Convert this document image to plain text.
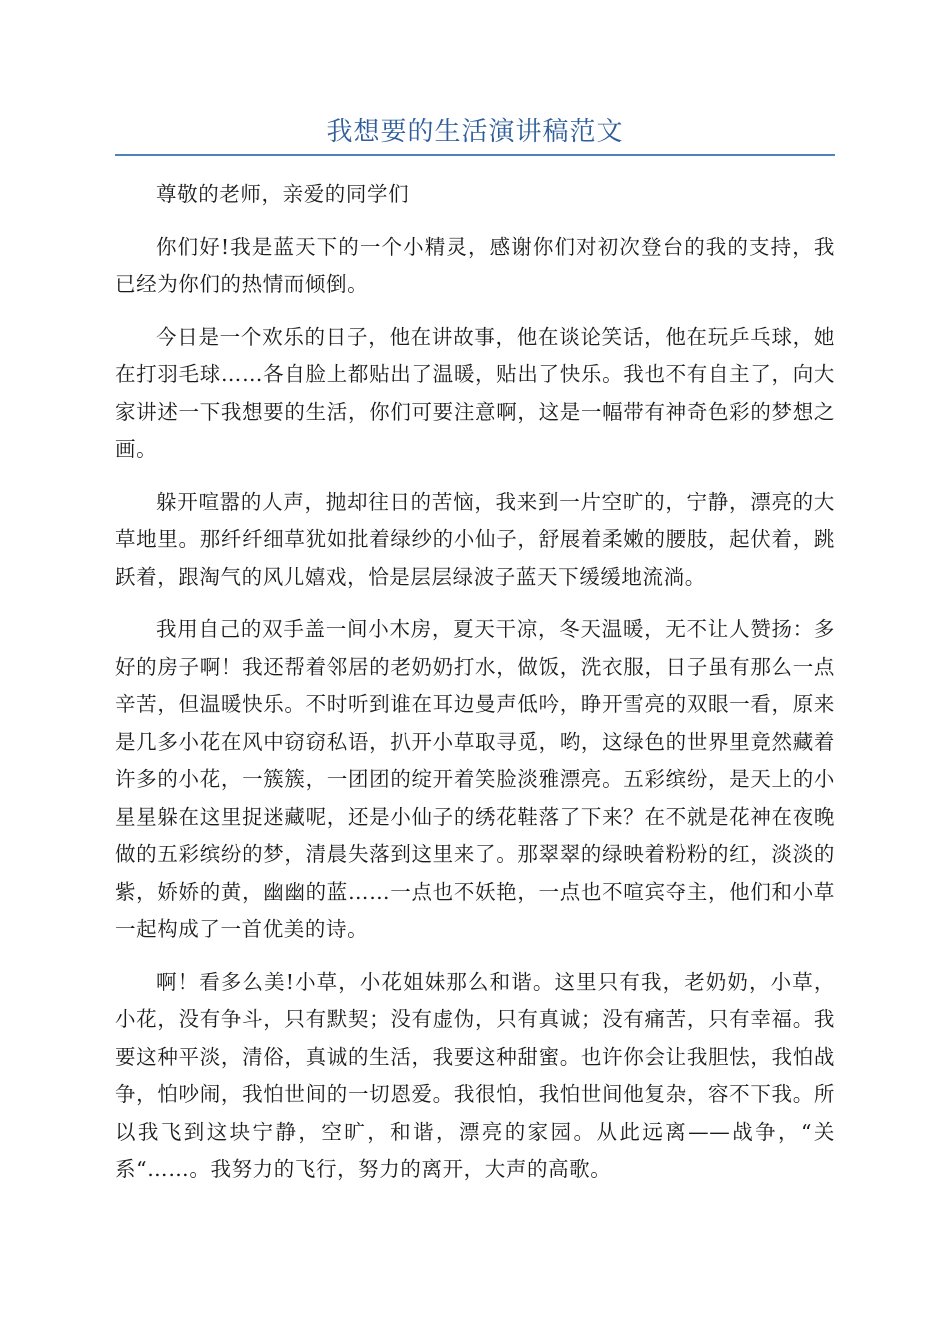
我想要的生活演讲稿范文

尊敬的老师，亲爱的同学们

你们好!我是蓝天下的一个小精灵，感谢你们对初次登台的我的支持，我已经为你们的热情而倾倒。

今日是一个欢乐的日子，他在讲故事，他在谈论笑话，他在玩乒乓球，她在打羽毛球……各自脸上都贴出了温暖，贴出了快乐。我也不有自主了，向大家讲述一下我想要的生活，你们可要注意啊，这是一幅带有神奇色彩的梦想之画。

躲开喧嚣的人声，抛却往日的苦恼，我来到一片空旷的，宁静，漂亮的大草地里。那纤纤细草犹如批着绿纱的小仙子，舒展着柔嫩的腰肢，起伏着，跳跃着，跟淘气的风儿嬉戏，恰是层层绿波子蓝天下缓缓地流淌。

我用自己的双手盖一间小木房，夏天干凉，冬天温暖，无不让人赞扬：多好的房子啊！我还帮着邻居的老奶奶打水，做饭，洗衣服，日子虽有那么一点辛苦，但温暖快乐。不时听到谁在耳边曼声低吟，睁开雪亮的双眼一看，原来是几多小花在风中窃窃私语，扒开小草取寻觅，哟，这绿色的世界里竟然藏着许多的小花，一簇簇，一团团的绽开着笑脸淡雅漂亮。五彩缤纷，是天上的小星星躲在这里捉迷藏呢，还是小仙子的绣花鞋落了下来？在不就是花神在夜晚做的五彩缤纷的梦，清晨失落到这里来了。那翠翠的绿映着粉粉的红，淡淡的紫，娇娇的黄，幽幽的蓝……一点也不妖艳，一点也不喧宾夺主，他们和小草一起构成了一首优美的诗。

啊！看多么美!小草，小花姐妹那么和谐。这里只有我，老奶奶，小草，小花，没有争斗，只有默契；没有虚伪，只有真诚；没有痛苦，只有幸福。我要这种平淡，清俗，真诚的生活，我要这种甜蜜。也许你会让我胆怯，我怕战争，怕吵闹，我怕世间的一切恩爱。我很怕，我怕世间他复杂，容不下我。所以我飞到这块宁静，空旷，和谐，漂亮的家园。从此远离——战争，“关系“……。我努力的飞行，努力的离开，大声的高歌。
